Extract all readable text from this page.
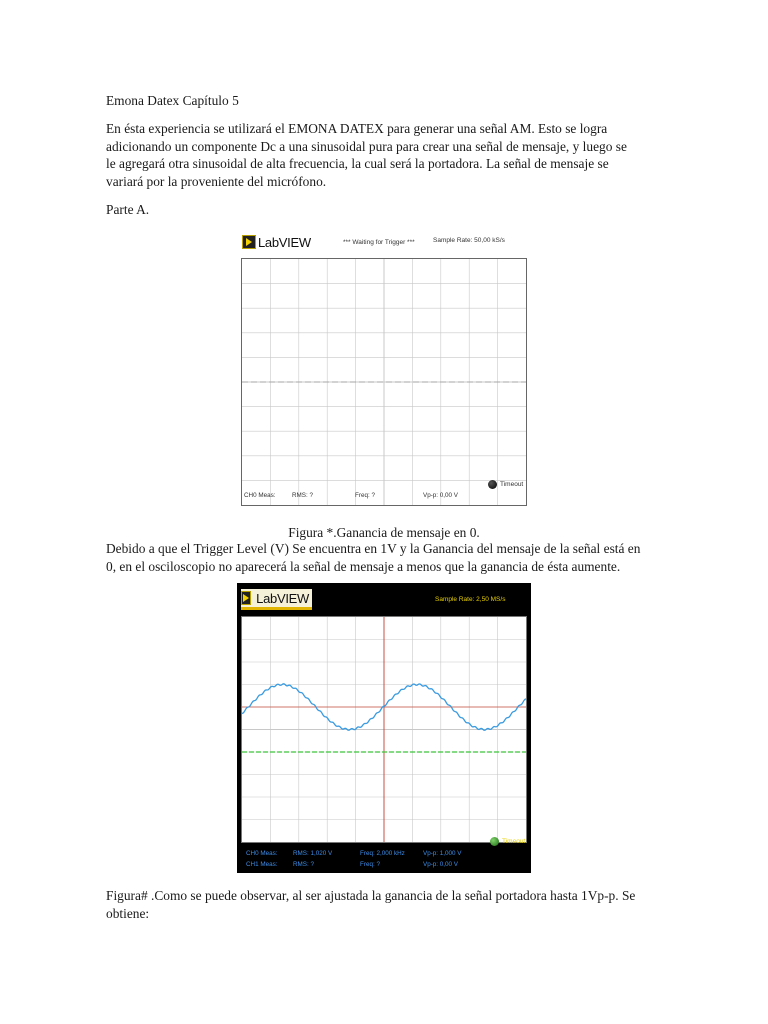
Emona Datex Capítulo 5

En ésta experiencia se utilizará el EMONA DATEX para generar una señal AM. Esto se logra

adicionando un componente Dc a una sinusoidal pura para crear una señal de mensaje, y luego se

le agregará otra sinusoidal de alta frecuencia, la cual será la portadora. La señal de mensaje se

variará por la proveniente del micrófono.

Parte A.

LabVIEW	*** Waiting for Trigger ***	Sample Rate: 50,00 kS/s
Timeout
CH0 Meas:	RMS: ?	Freq: ?	Vp-p: 0,00 V

Figura *.Ganancia de mensaje en 0.

Debido a que el Trigger Level (V) Se encuentra en 1V y la Ganancia del mensaje de la señal está en

0, en el osciloscopio no aparecerá la señal de mensaje a menos que la ganancia de ésta aumente.

LabVIEW	Sample Rate: 2,50 MS/s
Timeout
CH0 Meas: RMS: 1,020 V	Freq: 2,000 kHz	Vp-p: 1,000 V
CH1 Meas: RMS: ?	Freq: ?	Vp-p: 0,00 V

Figura# .Como se puede observar, al ser ajustada la ganancia de la señal portadora hasta 1Vp-p. Se

obtiene:
